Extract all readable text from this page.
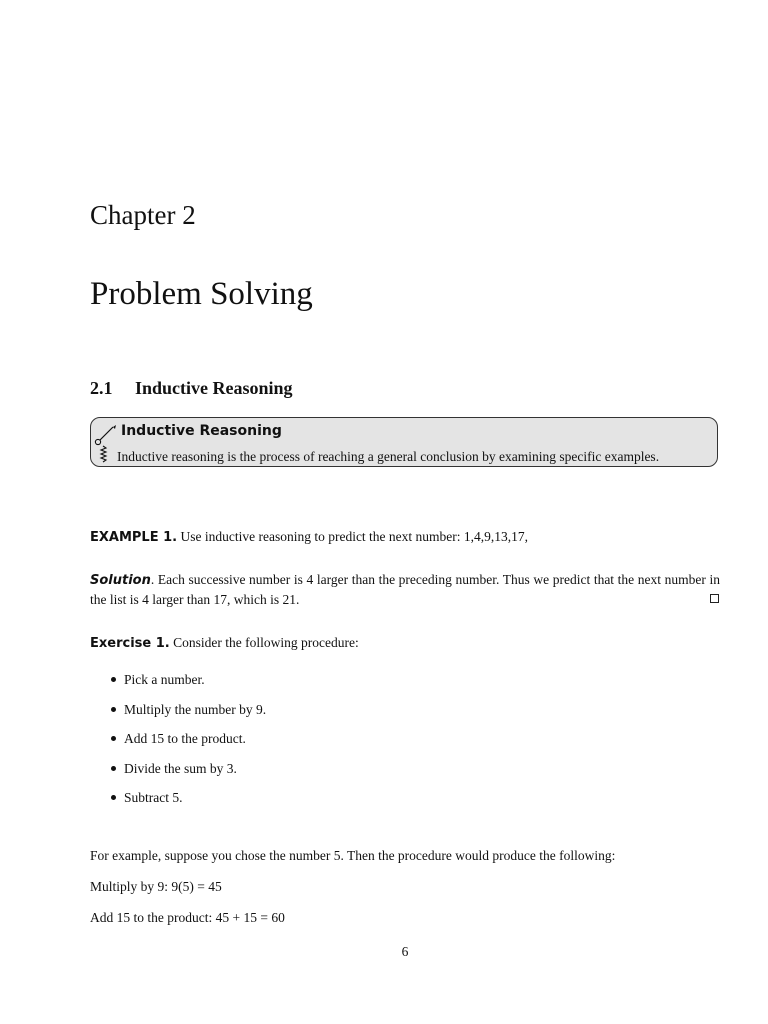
Chapter 2
Problem Solving
2.1 Inductive Reasoning
Inductive Reasoning
Inductive reasoning is the process of reaching a general conclusion by examining specific examples.
EXAMPLE 1. Use inductive reasoning to predict the next number: 1,4,9,13,17,
Solution. Each successive number is 4 larger than the preceding number. Thus we predict that the next number in the list is 4 larger than 17, which is 21.
Exercise 1. Consider the following procedure:
Pick a number.
Multiply the number by 9.
Add 15 to the product.
Divide the sum by 3.
Subtract 5.
For example, suppose you chose the number 5. Then the procedure would produce the following:
Multiply by 9: 9(5) = 45
Add 15 to the product: 45 + 15 = 60
6
